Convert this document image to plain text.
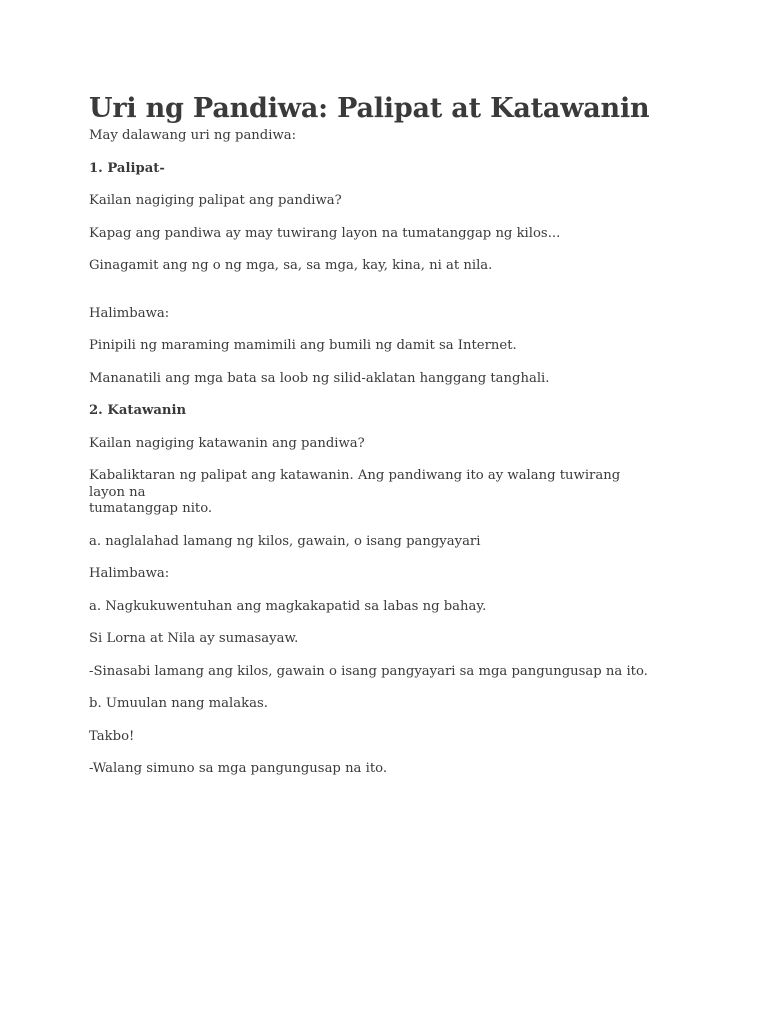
Uri ng Pandiwa: Palipat at Katawanin

May dalawang uri ng pandiwa:

1. Palipat-

Kailan nagiging palipat ang pandiwa?

Kapag ang pandiwa ay may tuwirang layon na tumatanggap ng kilos...

Ginagamit ang ng o ng mga, sa, sa mga, kay, kina, ni at nila.

Halimbawa:

Pinipili ng maraming mamimili ang bumili ng damit sa Internet.

Mananatili ang mga bata sa loob ng silid-aklatan hanggang tanghali.

2. Katawanin

Kailan nagiging katawanin ang pandiwa?

Kabaliktaran ng palipat ang katawanin. Ang pandiwang ito ay walang tuwirang layon na

tumatanggap nito.

a. naglalahad lamang ng kilos, gawain, o isang pangyayari

Halimbawa:

a. Nagkukuwentuhan ang magkakapatid sa labas ng bahay.

Si Lorna at Nila ay sumasayaw.

-Sinasabi lamang ang kilos, gawain o isang pangyayari sa mga pangungusap na ito.

b. Umuulan nang malakas.

Takbo!

-Walang simuno sa mga pangungusap na ito.
